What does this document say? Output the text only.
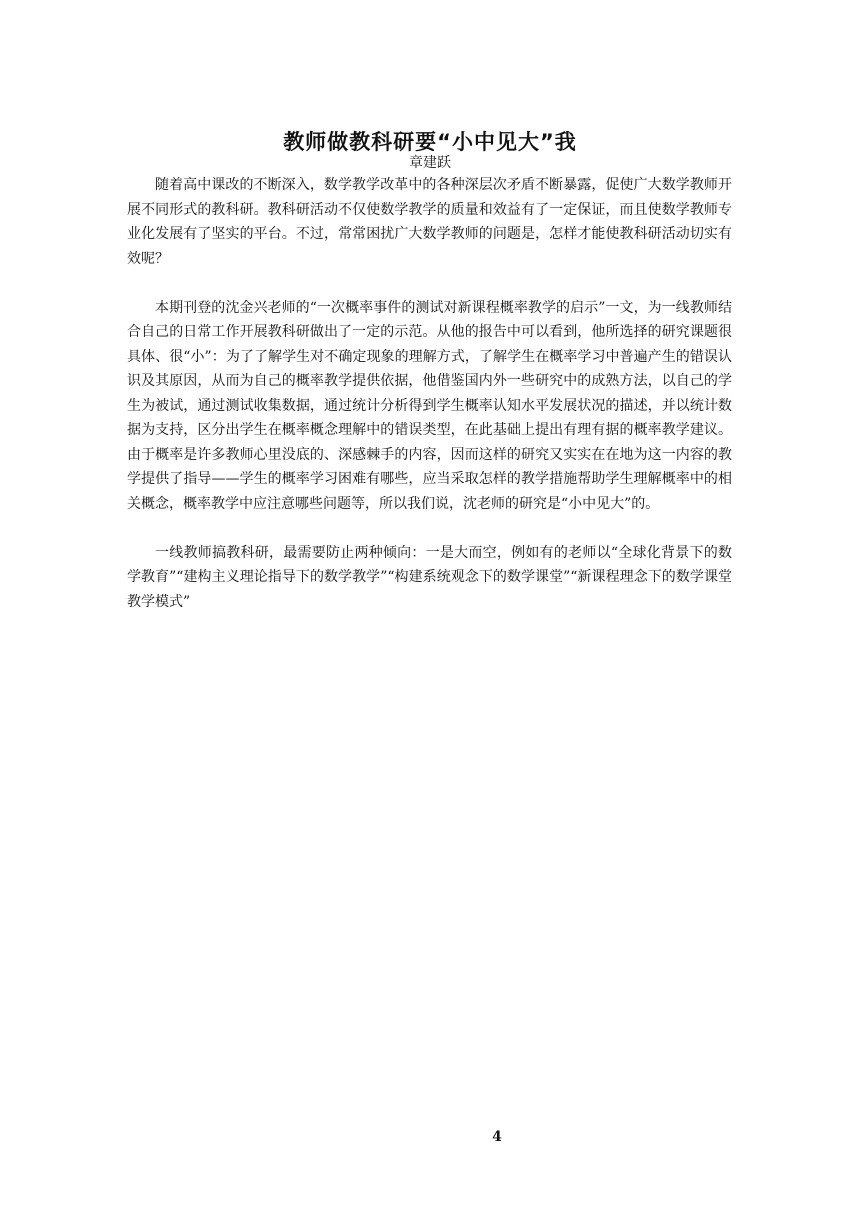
教师做教科研要“小中见大”我
章建跃

随着高中课改的不断深入，数学教学改革中的各种深层次矛盾不断暴露，促使广大数学教师开展不同形式的教科研。教科研活动不仅使数学教学的质量和效益有了一定保证，而且使数学教师专业化发展有了坚实的平台。不过，常常困扰广大数学教师的问题是，怎样才能使教科研活动切实有效呢？

本期刊登的沈金兴老师的“一次概率事件的测试对新课程概率教学的启示”一文，为一线教师结合自己的日常工作开展教科研做出了一定的示范。从他的报告中可以看到，他所选择的研究课题很具体、很“小”：为了了解学生对不确定现象的理解方式，了解学生在概率学习中普遍产生的错误认识及其原因，从而为自己的概率教学提供依据，他借鉴国内外一些研究中的成熟方法，以自己的学生为被试，通过测试收集数据，通过统计分析得到学生概率认知水平发展状况的描述，并以统计数据为支持，区分出学生在概率概念理解中的错误类型，在此基础上提出有理有据的概率教学建议。由于概率是许多教师心里没底的、深感棘手的内容，因而这样的研究又实实在在地为这一内容的教学提供了指导——学生的概率学习困难有哪些，应当采取怎样的教学措施帮助学生理解概率中的相关概念，概率教学中应注意哪些问题等，所以我们说，沈老师的研究是“小中见大”的。

一线教师搞教科研，最需要防止两种倾向：一是大而空，例如有的老师以“全球化背景下的数学教育”“建构主义理论指导下的数学教学”“构建系统观念下的数学课堂”“新课程理念下的数学课堂教学模式”

4
